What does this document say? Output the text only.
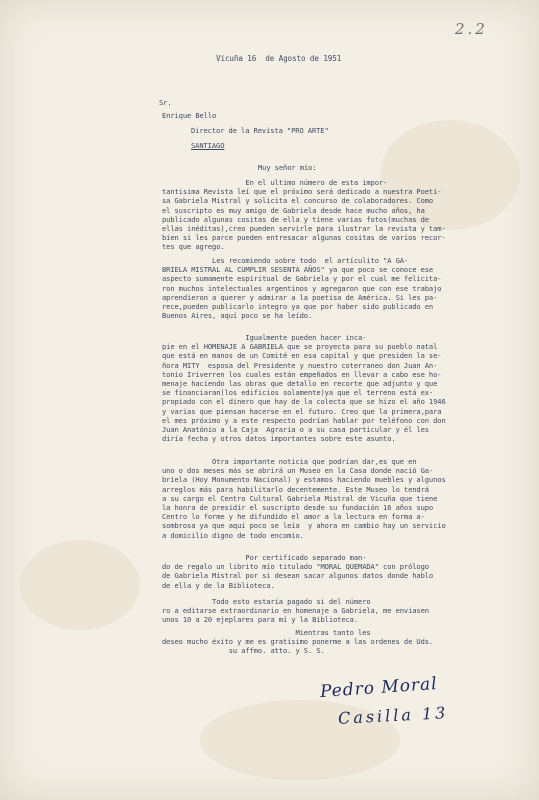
2.2
Vicuña 16  de Agosto de 1951
Sr.
Enrique Bello
Director de la Revista "PRO ARTE"
SANTIAGO
Muy señor mío:
En el ultimo número de esta impor-
tantisima Revista leí que el próximo será dedicado a nuestra Poeti-
sa Gabriela Mistral y solicita el concurso de colaboradores. Como
el suscripto es muy amigo de Gabriela desde hace mucho años, ha
publicado algunas cositas de ella y tiene varias fotos(muchas de
ellas inéditas),creo pueden servirle para ilustrar la revista y tam-
bien si les parce pueden entresacar algunas cositas de varios recor-
tes que agrego.
Les recomiendo sobre todo  el artículito "A GA-
BRIELA MISTRAL AL CUMPLIR SESENTA AÑOS" ya que poco se conoce ese
aspecto sumamente espiritual de Gabriela y por el cual me felicita-
ron muchos intelectuales argentinos y agregaron que con ese trabajo
aprendieron a querer y admirar a la poetisa de América. Si les pa-
rece,pueden publicarlo integro ya que por haber sido publicado en
Buenos Aires, aquí poco se ha leído.
Igualmente pueden hacer inca-
pie en el HOMENAJE A GABRIELA que se proyecta para su pueblo natal
que está en manos de un Comité en esa capital y que presiden la se-
ñora MITY  esposa del Presidente y nuestro coterraneo don Juan An-
tonio Iriverren los cuales están empeñados en llevar a cabo ese ho-
menaje haciendo las obras que detallo en recorte que adjunto y que
se financiaran(los edificios solamente)ya que el terreno está ex-
propiado con el dinero que hay de la colecta que se hizo el año 1946
y varias que piensan hacerse en el futuro. Creo que la primera,para
el mes próximo y a este respecto podrían hablar por teléfono con don
Juan Anatónio a la Caja  Agraria o a su casa particular y él les
diría fecha y otros datos importantes sobre este asunto.
Otra importante noticia que podrían dar,es que en
uno o dos meses más se abrirá un Museo en la Casa donde nació Ga-
briela (Hoy Monumento Nacional) y estamos haciendo muebles y algunos
arreglos más para habilitarlo decentemente. Este Museo lo tendrá
a su cargo el Centro Cultural Gabriela Mistral de Vicuña que tiene
la honra de presidir el suscripto desde su fundación 16 años supo
Centro lo forme y he difundido el amor a la lectura en forma a-
sombrosa ya que aquí poco se leía  y ahora en cambio hay un servicio
a domicilio digno de todo encomio.
Por certificado separado man-
do de regalo un librito mío titulado "MORAL QUEMADA" con prólogo
de Gabriela Mistral por si desean sacar algunos datos donde hablo
de ella y de la Biblioteca.
Todo esto estaría pagado si del número
ro a editarse extraordinario en homenaje a Gabriela, me enviasen
unos 10 a 20 ejeplares para mí y la Biblioteca.
Mientras tanto les
deseo mucho éxito y me es gratisimo ponerme a las ordenes de Uds.
su affmo. atto. y S. S.
Pedro Moral
Casilla 13
